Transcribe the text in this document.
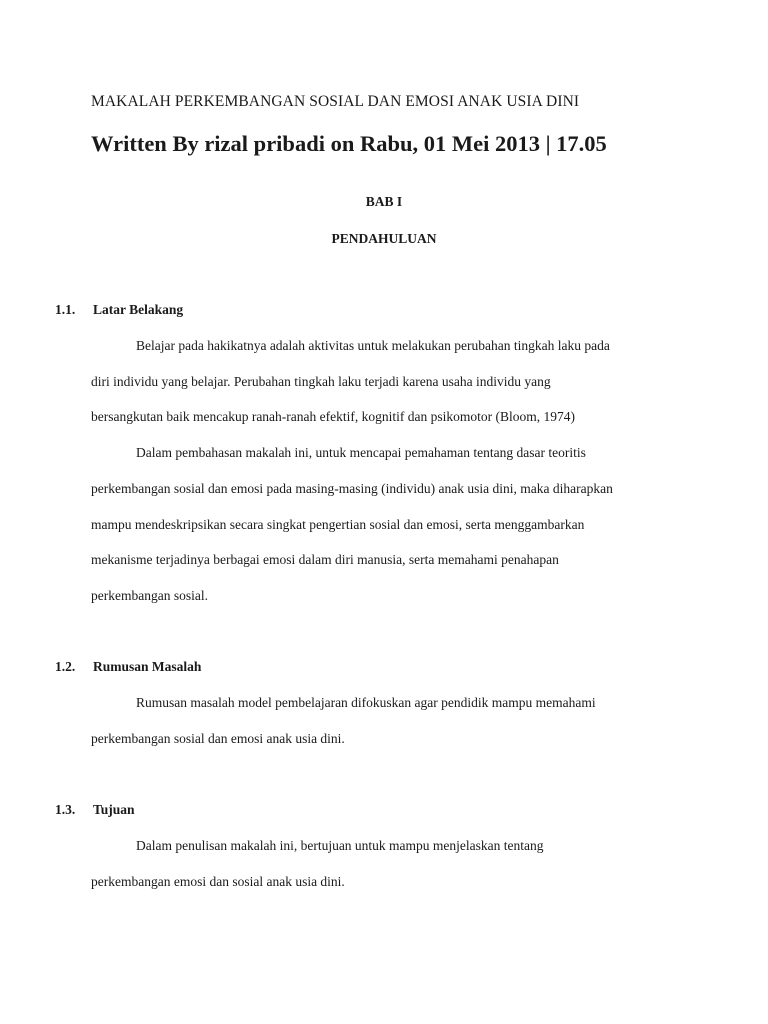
MAKALAH PERKEMBANGAN SOSIAL DAN EMOSI ANAK USIA DINI
Written By rizal pribadi on Rabu, 01 Mei 2013 | 17.05
BAB I
PENDAHULUAN
1.1. Latar Belakang
Belajar pada hakikatnya adalah aktivitas untuk melakukan perubahan tingkah laku pada
diri individu yang belajar. Perubahan tingkah laku terjadi karena usaha individu yang
bersangkutan baik mencakup ranah-ranah efektif, kognitif dan psikomotor (Bloom, 1974)
Dalam pembahasan makalah ini, untuk mencapai pemahaman tentang dasar teoritis
perkembangan sosial dan emosi pada masing-masing (individu) anak usia dini, maka diharapkan
mampu mendeskripsikan secara singkat pengertian sosial dan emosi, serta menggambarkan
mekanisme terjadinya berbagai emosi dalam diri manusia, serta memahami penahapan
perkembangan sosial.
1.2. Rumusan Masalah
Rumusan masalah model pembelajaran difokuskan agar pendidik mampu memahami
perkembangan sosial dan emosi anak usia dini.
1.3. Tujuan
Dalam penulisan makalah ini, bertujuan untuk mampu menjelaskan tentang
perkembangan emosi dan sosial anak usia dini.
